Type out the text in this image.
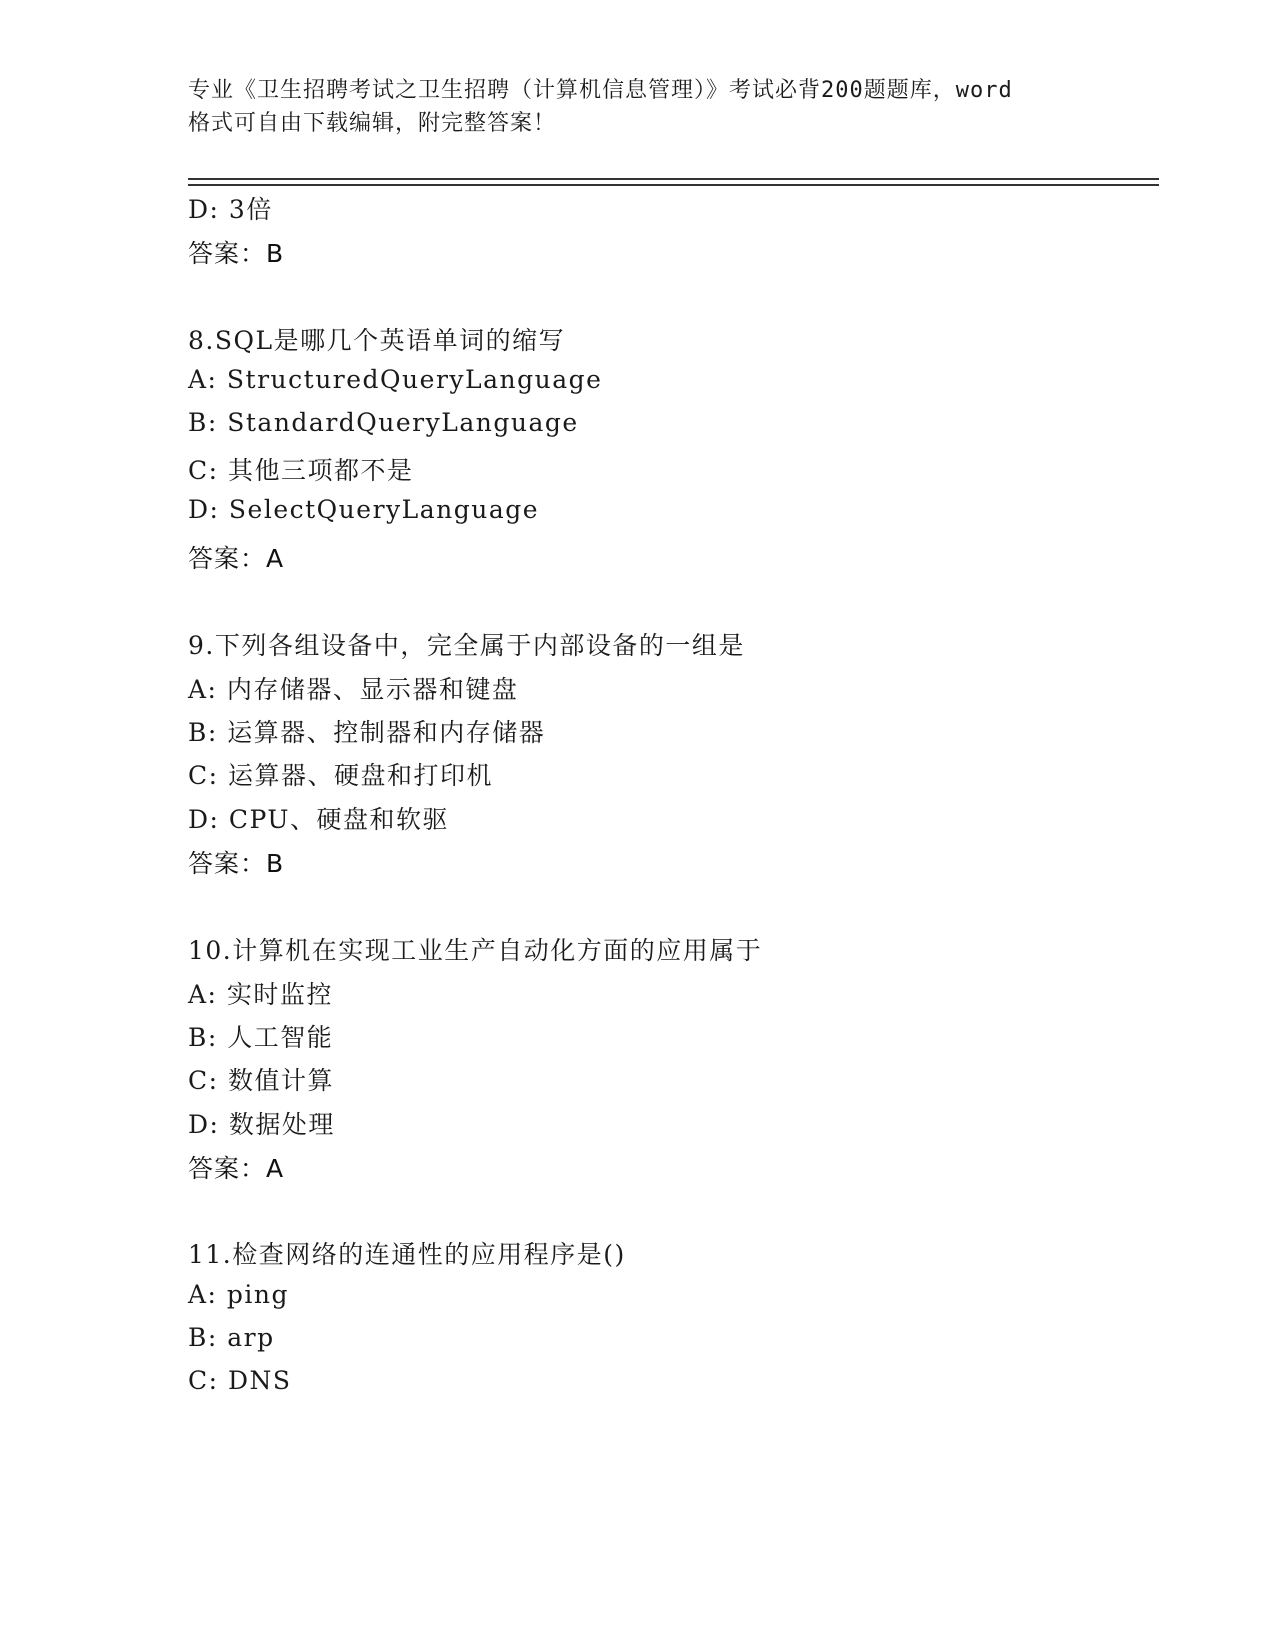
专业《卫生招聘考试之卫生招聘（计算机信息管理）》考试必背200题题库，word
格式可自由下载编辑，附完整答案！
D: 3倍
答案：B
8.SQL是哪几个英语单词的缩写
A: StructuredQueryLanguage
B: StandardQueryLanguage
C: 其他三项都不是
D: SelectQueryLanguage
答案：A
9.下列各组设备中，完全属于内部设备的一组是
A: 内存储器、显示器和键盘
B: 运算器、控制器和内存储器
C: 运算器、硬盘和打印机
D: CPU、硬盘和软驱
答案：B
10.计算机在实现工业生产自动化方面的应用属于
A: 实时监控
B: 人工智能
C: 数值计算
D: 数据处理
答案：A
11.检查网络的连通性的应用程序是()
A: ping
B: arp
C: DNS
